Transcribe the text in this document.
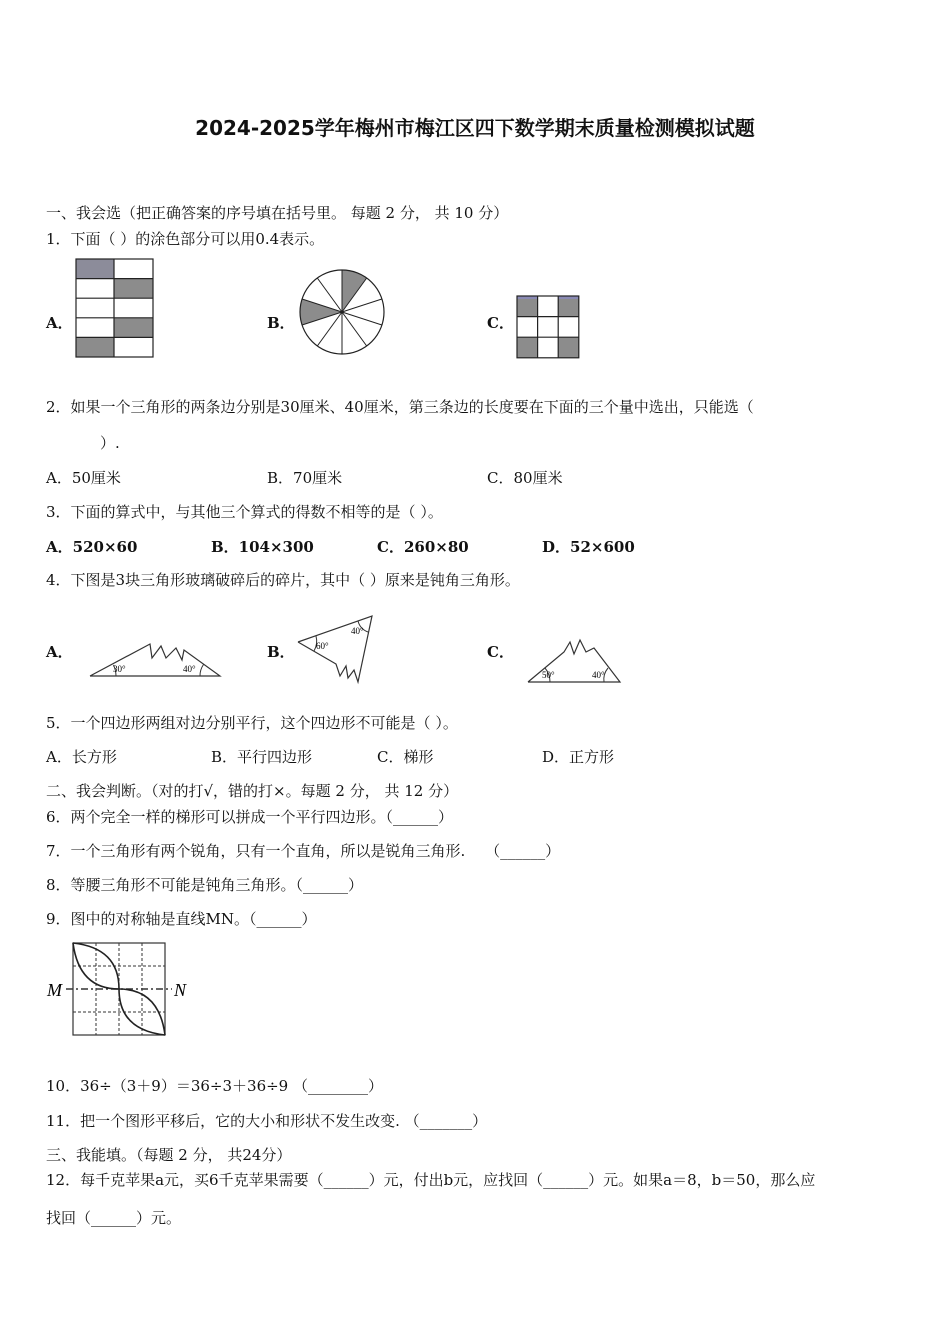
2024-2025学年梅州市梅江区四下数学期末质量检测模拟试题
一、我会选（把正确答案的序号填在括号里。 每题 2 分， 共 10 分）
1．下面（ ）的涂色部分可以用0.4表示。
A．	B．	C．
2．如果一个三角形的两条边分别是30厘米、40厘米，第三条边的长度要在下面的三个量中选出，只能选（
）.
A．50厘米	B．70厘米	C．80厘米
3．下面的算式中，与其他三个算式的得数不相等的是（ ）。
A．520×60	B．104×300	C．260×80	D．52×600
4．下图是3块三角形玻璃破碎后的碎片，其中（ ）原来是钝角三角形。
A．
30°	40°
B． 60°
40°
C．
50°	40°
5．一个四边形两组对边分别平行，这个四边形不可能是（ ）。
A．长方形	B．平行四边形	C．梯形	D．正方形
二、我会判断。（对的打√，错的打×。每题 2 分， 共 12 分）
6．两个完全一样的梯形可以拼成一个平行四边形。（______）
7．一个三角形有两个锐角，只有一个直角，所以是锐角三角形.　 （______）
8．等腰三角形不可能是钝角三角形。（______）
9．图中的对称轴是直线MN。（______）
M	N
10．36÷（3＋9）＝36÷3＋36÷9 （________）
11．把一个图形平移后，它的大小和形状不发生改变. （_______）
三、我能填。（每题 2 分， 共24分）
12．每千克苹果a元，买6千克苹果需要（______）元，付出b元，应找回（______）元。如果a＝8，b＝50，那么应
找回（______）元。
